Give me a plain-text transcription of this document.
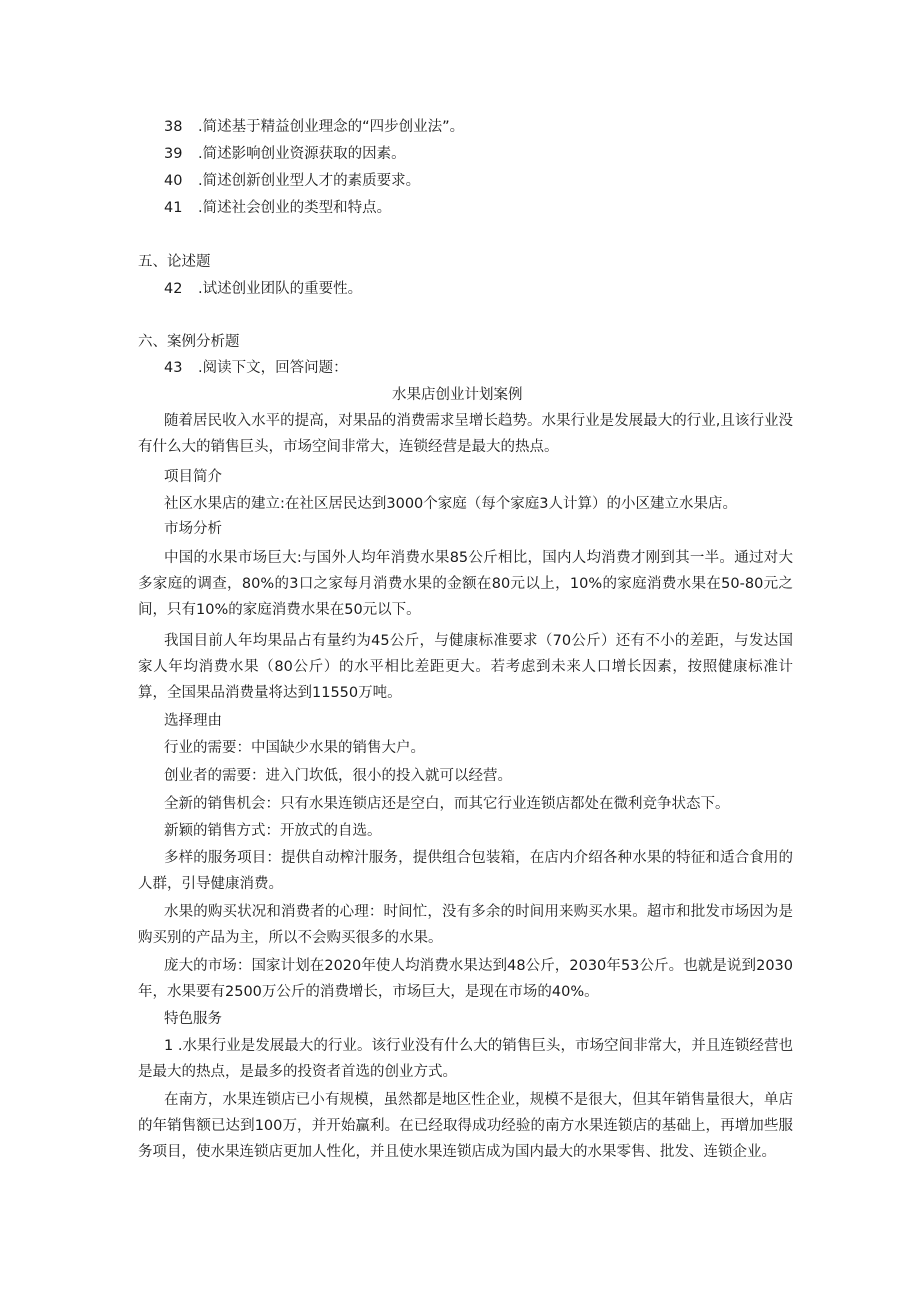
38 .简述基于精益创业理念的“四步创业法”。
39 .简述影响创业资源获取的因素。
40 .简述创新创业型人才的素质要求。
41 .简述社会创业的类型和特点。
五、论述题
42 .试述创业团队的重要性。
六、案例分析题
43 .阅读下文，回答问题：
水果店创业计划案例

随着居民收入水平的提高，对果品的消费需求呈增长趋势。水果行业是发展最大的行业,且该行业没有什么大的销售巨头，市场空间非常大，连锁经营是最大的热点。

项目简介

社区水果店的建立:在社区居民达到3000个家庭（每个家庭3人计算）的小区建立水果店。

市场分析

中国的水果市场巨大:与国外人均年消费水果85公斤相比，国内人均消费才刚到其一半。通过对大多家庭的调查，80%的3口之家每月消费水果的金额在80元以上，10%的家庭消费水果在50-80元之间，只有10%的家庭消费水果在50元以下。

我国目前人年均果品占有量约为45公斤，与健康标准要求（70公斤）还有不小的差距，与发达国家人年均消费水果（80公斤）的水平相比差距更大。若考虑到未来人口增长因素，按照健康标准计算，全国果品消费量将达到11550万吨。

选择理由
行业的需要：中国缺少水果的销售大户。
创业者的需要：进入门坎低，很小的投入就可以经营。
全新的销售机会：只有水果连锁店还是空白，而其它行业连锁店都处在微利竞争状态下。
新颖的销售方式：开放式的自选。

多样的服务项目：提供自动榨汁服务，提供组合包装箱，在店内介绍各种水果的特征和适合食用的人群，引导健康消费。

水果的购买状况和消费者的心理：时间忙，没有多余的时间用来购买水果。超市和批发市场因为是购买别的产品为主，所以不会购买很多的水果。

庞大的市场：国家计划在2020年使人均消费水果达到48公斤，2030年53公斤。也就是说到2030年，水果要有2500万公斤的消费增长，市场巨大，是现在市场的40%。

特色服务

1 .水果行业是发展最大的行业。该行业没有什么大的销售巨头，市场空间非常大，并且连锁经营也是最大的热点，是最多的投资者首选的创业方式。

在南方，水果连锁店已小有规模，虽然都是地区性企业，规模不是很大，但其年销售量很大，单店的年销售额已达到100万，并开始赢利。在已经取得成功经验的南方水果连锁店的基础上，再增加些服务项目，使水果连锁店更加人性化，并且使水果连锁店成为国内最大的水果零售、批发、连锁企业。
